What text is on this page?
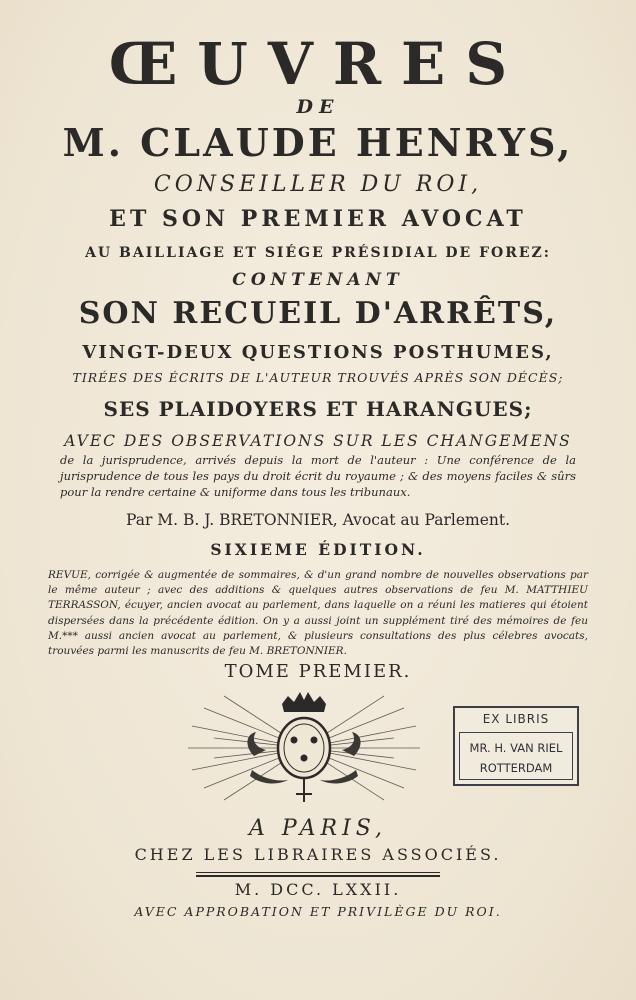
ŒUVRES
DE
M. CLAUDE HENRYS,
CONSEILLER DU ROI,
ET SON PREMIER AVOCAT
AU BAILLIAGE ET SIÉGE PRÉSIDIAL DE FOREZ:
CONTENANT
SON RECUEIL D'ARRÊTS,
VINGT-DEUX QUESTIONS POSTHUMES,
TIRÉES DES ÉCRITS DE L'AUTEUR TROUVÉS APRÈS SON DÉCÈS;
SES PLAIDOYERS ET HARANGUES;
AVEC DES OBSERVATIONS SUR LES CHANGEMENS
de la jurisprudence, arrivés depuis la mort de l'auteur : Une conférence de la jurisprudence de tous les pays du droit écrit du royaume ; & des moyens faciles & sûrs pour la rendre certaine & uniforme dans tous les tribunaux.
Par M. B. J. BRETONNIER, Avocat au Parlement.
SIXIEME ÉDITION.
REVUE, corrigée & augmentée de sommaires, & d'un grand nombre de nouvelles observations par le même auteur ; avec des additions & quelques autres observations de feu M. MATTHIEU TERRASSON, écuyer, ancien avocat au parlement, dans laquelle on a réuni les matieres qui étoient dispersées dans la précédente édition. On y a aussi joint un supplément tiré des mémoires de feu M.*** aussi ancien avocat au parlement, & plusieurs consultations des plus célebres avocats, trouvées parmi les manuscrits de feu M. BRETONNIER.
TOME PREMIER.
EX LIBRIS
MR. H. VAN RIEL
ROTTERDAM
A PARIS,
CHEZ LES LIBRAIRES ASSOCIÉS.
M. DCC. LXXII.
AVEC APPROBATION ET PRIVILÈGE DU ROI.
